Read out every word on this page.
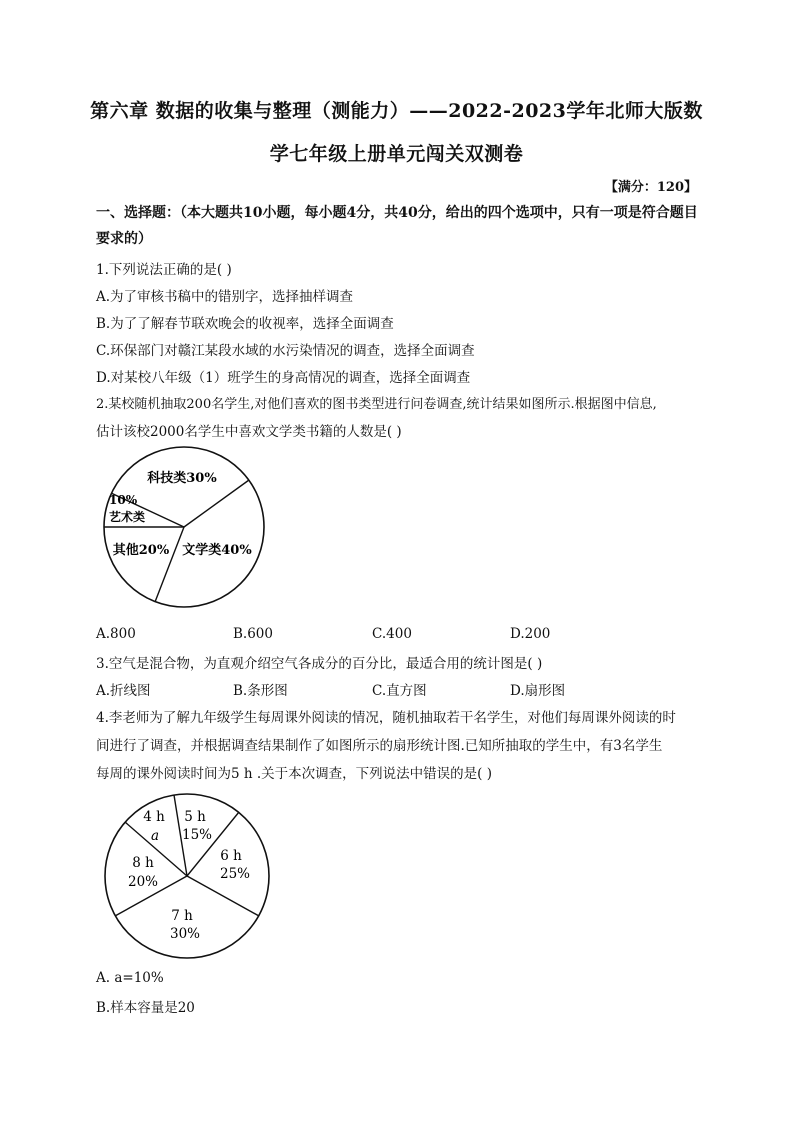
第六章 数据的收集与整理（测能力）——2022-2023学年北师大版数
学七年级上册单元闯关双测卷
【满分：120】
一、选择题：（本大题共10小题，每小题4分，共40分，给出的四个选项中，只有一项是符合题目要求的）
1.下列说法正确的是( )
A.为了审核书稿中的错别字，选择抽样调查
B.为了了解春节联欢晚会的收视率，选择全面调查
C.环保部门对赣江某段水域的水污染情况的调查，选择全面调查
D.对某校八年级（1）班学生的身高情况的调查，选择全面调查
2.某校随机抽取200名学生,对他们喜欢的图书类型进行问卷调查,统计结果如图所示.根据图中信息,
估计该校2000名学生中喜欢文学类书籍的人数是( )
科技类30%
文学类40%
其他20%
10%
艺术类
A.800	B.600	C.400	D.200
3.空气是混合物，为直观介绍空气各成分的百分比，最适合用的统计图是( )
A.折线图	B.条形图	C.直方图	D.扇形图
4.李老师为了解九年级学生每周课外阅读的情况，随机抽取若干名学生，对他们每周课外阅读的时
间进行了调查，并根据调查结果制作了如图所示的扇形统计图.已知所抽取的学生中，有3名学生
每周的课外阅读时间为5 h .关于本次调查，下列说法中错误的是( )
4 h
a
5 h
15%
6 h
25%
7 h
30%
8 h
20%
A. a=10%
B.样本容量是20
